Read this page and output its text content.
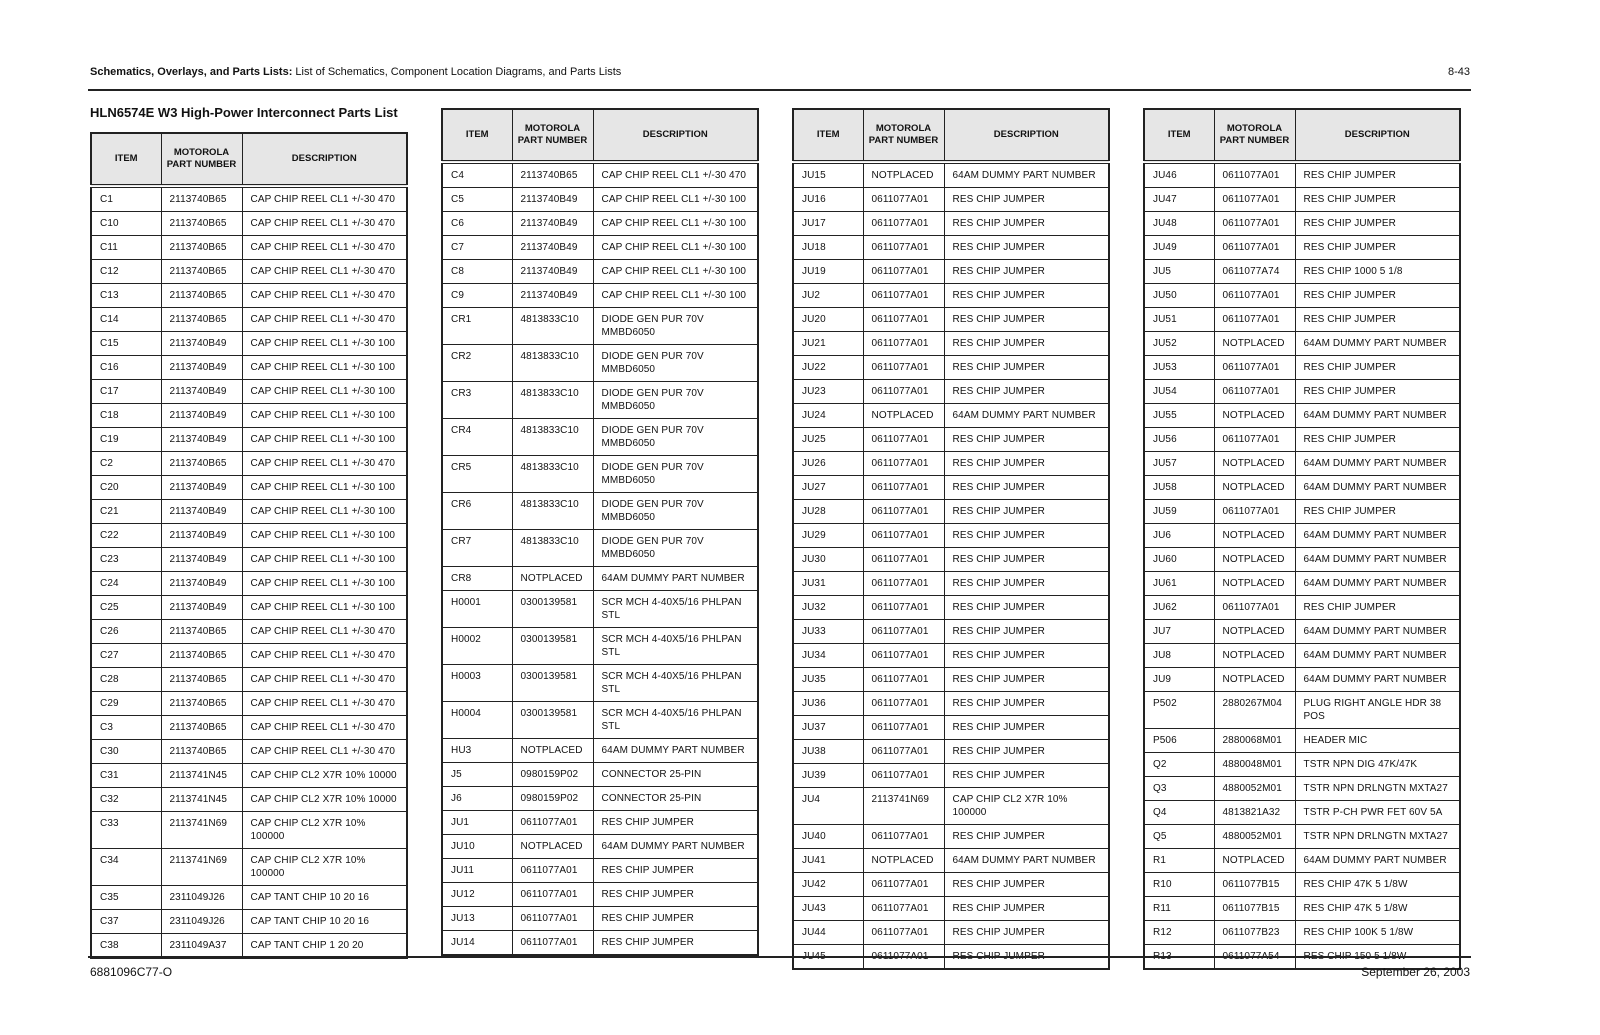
Schematics, Overlays, and Parts Lists: List of Schematics, Component Location Diagrams, and Parts Lists	8-43
HLN6574E W3 High-Power Interconnect Parts List
ITEM	MOTOROLA PART NUMBER	DESCRIPTION
C1	2113740B65	CAP CHIP REEL CL1 +/-30 470
C10	2113740B65	CAP CHIP REEL CL1 +/-30 470
C11	2113740B65	CAP CHIP REEL CL1 +/-30 470
C12	2113740B65	CAP CHIP REEL CL1 +/-30 470
C13	2113740B65	CAP CHIP REEL CL1 +/-30 470
C14	2113740B65	CAP CHIP REEL CL1 +/-30 470
C15	2113740B49	CAP CHIP REEL CL1 +/-30 100
C16	2113740B49	CAP CHIP REEL CL1 +/-30 100
C17	2113740B49	CAP CHIP REEL CL1 +/-30 100
C18	2113740B49	CAP CHIP REEL CL1 +/-30 100
C19	2113740B49	CAP CHIP REEL CL1 +/-30 100
C2	2113740B65	CAP CHIP REEL CL1 +/-30 470
C20	2113740B49	CAP CHIP REEL CL1 +/-30 100
C21	2113740B49	CAP CHIP REEL CL1 +/-30 100
C22	2113740B49	CAP CHIP REEL CL1 +/-30 100
C23	2113740B49	CAP CHIP REEL CL1 +/-30 100
C24	2113740B49	CAP CHIP REEL CL1 +/-30 100
C25	2113740B49	CAP CHIP REEL CL1 +/-30 100
C26	2113740B65	CAP CHIP REEL CL1 +/-30 470
C27	2113740B65	CAP CHIP REEL CL1 +/-30 470
C28	2113740B65	CAP CHIP REEL CL1 +/-30 470
C29	2113740B65	CAP CHIP REEL CL1 +/-30 470
C3	2113740B65	CAP CHIP REEL CL1 +/-30 470
C30	2113740B65	CAP CHIP REEL CL1 +/-30 470
C31	2113741N45	CAP CHIP CL2 X7R 10% 10000
C32	2113741N45	CAP CHIP CL2 X7R 10% 10000
C33	2113741N69	CAP CHIP CL2 X7R 10% 100000
C34	2113741N69	CAP CHIP CL2 X7R 10% 100000
C35	2311049J26	CAP TANT CHIP 10 20 16
C37	2311049J26	CAP TANT CHIP 10 20 16
C38	2311049A37	CAP TANT CHIP 1 20 20
ITEM	MOTOROLA PART NUMBER	DESCRIPTION
C4	2113740B65	CAP CHIP REEL CL1 +/-30 470
C5	2113740B49	CAP CHIP REEL CL1 +/-30 100
C6	2113740B49	CAP CHIP REEL CL1 +/-30 100
C7	2113740B49	CAP CHIP REEL CL1 +/-30 100
C8	2113740B49	CAP CHIP REEL CL1 +/-30 100
C9	2113740B49	CAP CHIP REEL CL1 +/-30 100
CR1	4813833C10	DIODE GEN PUR 70V MMBD6050
CR2	4813833C10	DIODE GEN PUR 70V MMBD6050
CR3	4813833C10	DIODE GEN PUR 70V MMBD6050
CR4	4813833C10	DIODE GEN PUR 70V MMBD6050
CR5	4813833C10	DIODE GEN PUR 70V MMBD6050
CR6	4813833C10	DIODE GEN PUR 70V MMBD6050
CR7	4813833C10	DIODE GEN PUR 70V MMBD6050
CR8	NOTPLACED	64AM DUMMY PART NUMBER
H0001	0300139581	SCR MCH 4-40X5/16 PHLPAN STL
H0002	0300139581	SCR MCH 4-40X5/16 PHLPAN STL
H0003	0300139581	SCR MCH 4-40X5/16 PHLPAN STL
H0004	0300139581	SCR MCH 4-40X5/16 PHLPAN STL
HU3	NOTPLACED	64AM DUMMY PART NUMBER
J5	0980159P02	CONNECTOR 25-PIN
J6	0980159P02	CONNECTOR 25-PIN
JU1	0611077A01	RES CHIP JUMPER
JU10	NOTPLACED	64AM DUMMY PART NUMBER
JU11	0611077A01	RES CHIP JUMPER
JU12	0611077A01	RES CHIP JUMPER
JU13	0611077A01	RES CHIP JUMPER
JU14	0611077A01	RES CHIP JUMPER
ITEM	MOTOROLA PART NUMBER	DESCRIPTION
JU15	NOTPLACED	64AM DUMMY PART NUMBER
JU16	0611077A01	RES CHIP JUMPER
JU17	0611077A01	RES CHIP JUMPER
JU18	0611077A01	RES CHIP JUMPER
JU19	0611077A01	RES CHIP JUMPER
JU2	0611077A01	RES CHIP JUMPER
JU20	0611077A01	RES CHIP JUMPER
JU21	0611077A01	RES CHIP JUMPER
JU22	0611077A01	RES CHIP JUMPER
JU23	0611077A01	RES CHIP JUMPER
JU24	NOTPLACED	64AM DUMMY PART NUMBER
JU25	0611077A01	RES CHIP JUMPER
JU26	0611077A01	RES CHIP JUMPER
JU27	0611077A01	RES CHIP JUMPER
JU28	0611077A01	RES CHIP JUMPER
JU29	0611077A01	RES CHIP JUMPER
JU30	0611077A01	RES CHIP JUMPER
JU31	0611077A01	RES CHIP JUMPER
JU32	0611077A01	RES CHIP JUMPER
JU33	0611077A01	RES CHIP JUMPER
JU34	0611077A01	RES CHIP JUMPER
JU35	0611077A01	RES CHIP JUMPER
JU36	0611077A01	RES CHIP JUMPER
JU37	0611077A01	RES CHIP JUMPER
JU38	0611077A01	RES CHIP JUMPER
JU39	0611077A01	RES CHIP JUMPER
JU4	2113741N69	CAP CHIP CL2 X7R 10% 100000
JU40	0611077A01	RES CHIP JUMPER
JU41	NOTPLACED	64AM DUMMY PART NUMBER
JU42	0611077A01	RES CHIP JUMPER
JU43	0611077A01	RES CHIP JUMPER
JU44	0611077A01	RES CHIP JUMPER

ITEM	MOTOROLA PART NUMBER	DESCRIPTION
JU46	0611077A01	RES CHIP JUMPER
JU47	0611077A01	RES CHIP JUMPER
JU48	0611077A01	RES CHIP JUMPER
JU49	0611077A01	RES CHIP JUMPER
JU5	0611077A74	RES CHIP 1000 5 1/8
JU50	0611077A01	RES CHIP JUMPER
JU51	0611077A01	RES CHIP JUMPER
JU52	NOTPLACED	64AM DUMMY PART NUMBER
JU53	0611077A01	RES CHIP JUMPER
JU54	0611077A01	RES CHIP JUMPER
JU55	NOTPLACED	64AM DUMMY PART NUMBER
JU56	0611077A01	RES CHIP JUMPER
JU57	NOTPLACED	64AM DUMMY PART NUMBER
JU58	NOTPLACED	64AM DUMMY PART NUMBER
JU59	0611077A01	RES CHIP JUMPER
JU6	NOTPLACED	64AM DUMMY PART NUMBER
JU60	NOTPLACED	64AM DUMMY PART NUMBER
JU61	NOTPLACED	64AM DUMMY PART NUMBER
JU62	0611077A01	RES CHIP JUMPER
JU7	NOTPLACED	64AM DUMMY PART NUMBER
JU8	NOTPLACED	64AM DUMMY PART NUMBER
JU9	NOTPLACED	64AM DUMMY PART NUMBER
P502	2880267M04	PLUG RIGHT ANGLE HDR 38 POS
P506	2880068M01	HEADER MIC
Q2	4880048M01	TSTR NPN DIG 47K/47K
Q3	4880052M01	TSTR NPN DRLNGTN MXTA27
Q4	4813821A32	TSTR P-CH PWR FET 60V 5A
Q5	4880052M01	TSTR NPN DRLNGTN MXTA27
R1	NOTPLACED	64AM DUMMY PART NUMBER
R10	0611077B15	RES CHIP 47K 5 1/8W
R11	0611077B15	RES CHIP 47K 5 1/8W
R12	0611077B23	RES CHIP 100K 5 1/8W

6881096C77-O	September 26, 2003
